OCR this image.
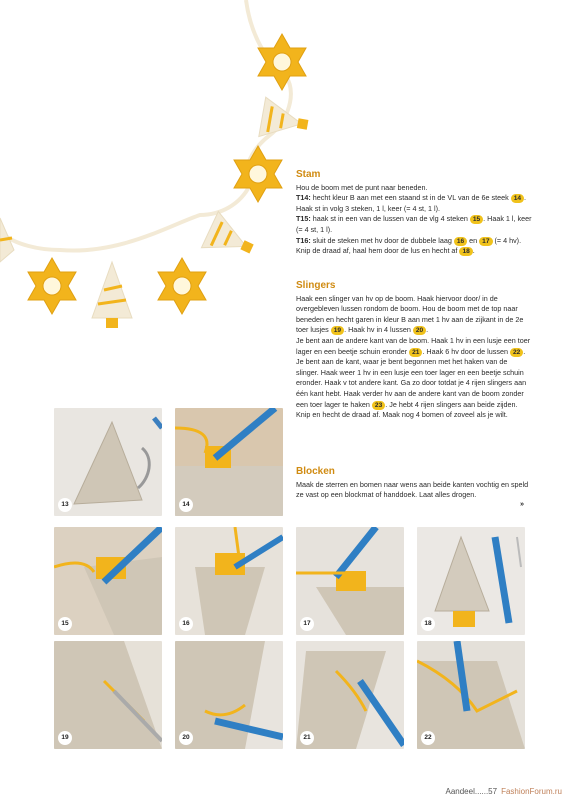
Stam
Hou de boom met de punt naar beneden.
T14: hecht kleur B aan met een staand st in de VL van de 6e steek 14 . Haak st in volg 3 steken, 1 l, keer (= 4 st, 1 l).
T15: haak st in een van de lussen van de vlg 4 steken 15 . Haak 1 l, keer (= 4 st, 1 l).
T16: sluit de steken met hv door de dubbele laag 16 en 17 (= 4 hv). Knip de draad af, haal hem door de lus en hecht af 18 .
Slingers
Haak een slinger van hv op de boom. Haak hiervoor door/ in de overgebleven lussen rondom de boom. Hou de boom met de top naar beneden en hecht garen in kleur B aan met 1 hv aan de zijkant in de 2e toer lusjes 19 . Haak hv in 4 lussen 20 .
Je bent aan de andere kant van de boom. Haak 1 hv in een lusje een toer lager en een beetje schuin eronder 21 . Haak 6 hv door de lussen 22 . Je bent aan de kant, waar je bent begonnen met het haken van de slinger. Haak weer 1 hv in een lusje een toer lager en een beetje schuin eronder. Haak v tot andere kant. Ga zo door totdat je 4 rijen slingers aan één kant hebt. Haak verder hv aan de andere kant van de boom zonder een toer lager te haken 23 . Je hebt 4 rijen slingers aan beide zijden. Knip en hecht de draad af. Maak nog 4 bomen of zoveel als je wilt.
Blocken
Maak de sterren en bomen naar wens aan beide kanten vochtig en speld ze vast op een blockmat of handdoek. Laat alles drogen.
»
13	14
15	16	17	18
19	20	21	22
Aandeel......57 FashionForum.ru
